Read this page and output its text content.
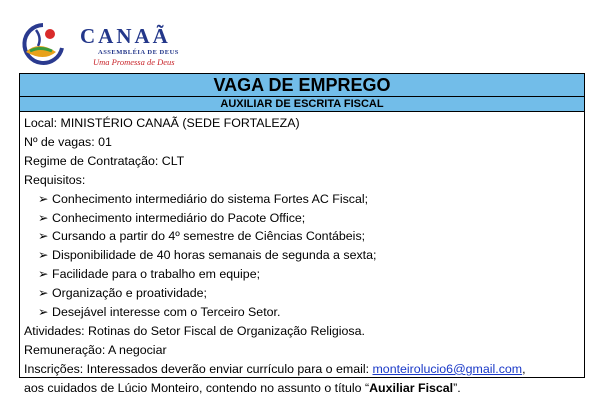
CANAÃ
ASSEMBLÉIA DE DEUS
Uma Promessa de Deus
VAGA DE EMPREGO
AUXILIAR DE ESCRITA FISCAL
Local: MINISTÉRIO CANAÃ (SEDE FORTALEZA)
Nº de vagas: 01
Regime de Contratação: CLT
Requisitos:
➢ Conhecimento intermediário do sistema Fortes AC Fiscal;
➢ Conhecimento intermediário do Pacote Office;
➢ Cursando a partir do 4º semestre de Ciências Contábeis;
➢ Disponibilidade de 40 horas semanais de segunda a sexta;
➢ Facilidade para o trabalho em equipe;
➢ Organização e proatividade;
➢ Desejável interesse com o Terceiro Setor.
Atividades: Rotinas do Setor Fiscal de Organização Religiosa.
Remuneração: A negociar
Inscrições: Interessados deverão enviar currículo para o email: monteirolucio6@gmail.com,
aos cuidados de Lúcio Monteiro, contendo no assunto o título “Auxiliar Fiscal”.
